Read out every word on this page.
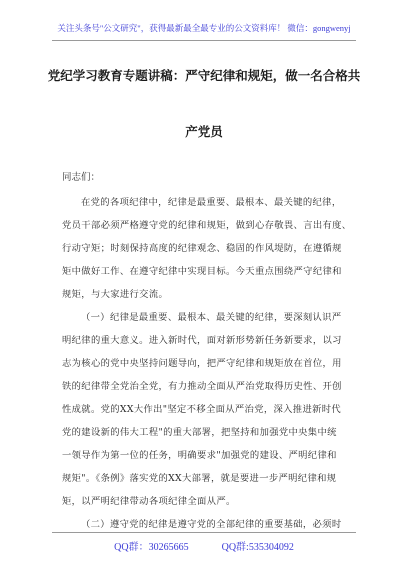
关注头条号"公文研究"，获得最新最全最专业的公文资料库！ 微信：gongwenyj
党纪学习教育专题讲稿：严守纪律和规矩，做一名合格共
产党员
同志们：
在党的各项纪律中，纪律是最重要、最根本、最关键的纪律，
党员干部必须严格遵守党的纪律和规矩，做到心存敬畏、言出有度、
行动守矩；时刻保持高度的纪律观念、稳固的作风堤防，在遵循规
矩中做好工作、在遵守纪律中实现目标。今天重点围绕严守纪律和
规矩，与大家进行交流。
（一）纪律是最重要、最根本、最关键的纪律，要深刻认识严
明纪律的重大意义。进入新时代，面对新形势新任务新要求，以习
志为核心的党中央坚持问题导向，把严守纪律和规矩放在首位，用
铁的纪律带全党治全党，有力推动全面从严治党取得历史性、开创
性成就。党的XX大作出"坚定不移全面从严治党，深入推进新时代
党的建设新的伟大工程"的重大部署，把坚持和加强党中央集中统
一领导作为第一位的任务，明确要求"加强党的建设、严明纪律和
规矩"。《条例》落实党的XX大部署，就是要进一步严明纪律和规
矩，以严明纪律带动各项纪律全面从严。
（二）遵守党的纪律是遵守党的全部纪律的重要基础，必须时
QQ群：30265665	QQ群:535304092
